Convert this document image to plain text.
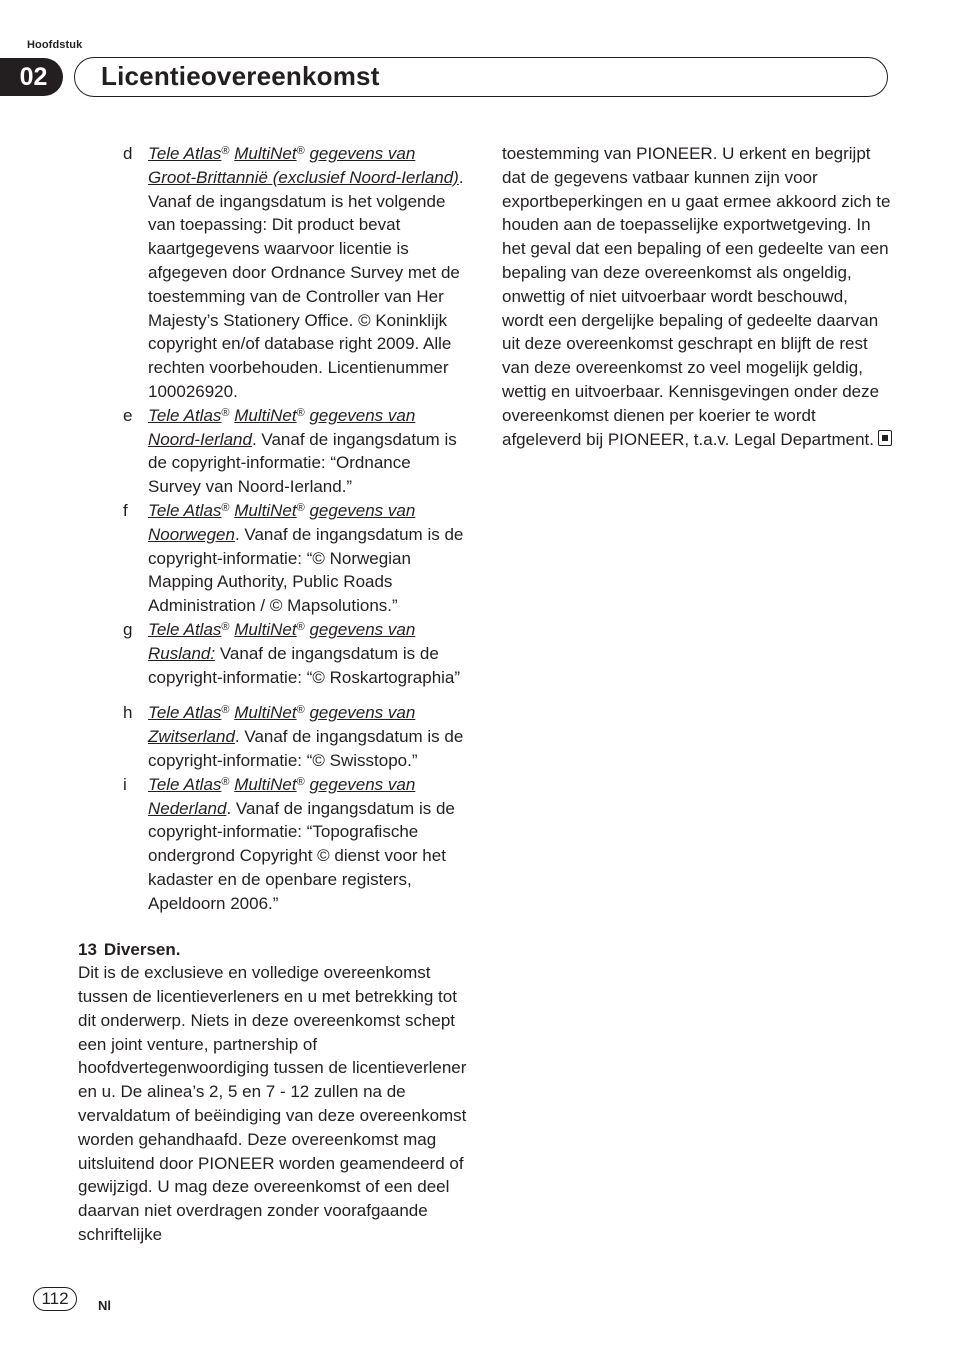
Hoofdstuk
02	Licentieovereenkomst
d Tele Atlas® MultiNet® gegevens van Groot-Brittannië (exclusief Noord-Ierland). Vanaf de ingangsdatum is het volgende van toepassing: Dit product bevat kaartgegevens waarvoor licentie is afgegeven door Ordnance Survey met de toestemming van de Controller van Her Majesty’s Stationery Office. © Koninklijk copyright en/of database right 2009. Alle rechten voorbehouden. Licentienummer 100026920.
e Tele Atlas® MultiNet® gegevens van Noord-Ierland. Vanaf de ingangsdatum is de copyright-informatie: “Ordnance Survey van Noord-Ierland.”
f Tele Atlas® MultiNet® gegevens van Noorwegen. Vanaf de ingangsdatum is de copyright-informatie: “© Norwegian Mapping Authority, Public Roads Administration / © Mapsolutions.”
g Tele Atlas® MultiNet® gegevens van Rusland: Vanaf de ingangsdatum is de copyright-informatie: “© Roskartographia”
h Tele Atlas® MultiNet® gegevens van Zwitserland. Vanaf de ingangsdatum is de copyright-informatie: “© Swisstopo.”
i Tele Atlas® MultiNet® gegevens van Nederland. Vanaf de ingangsdatum is de copyright-informatie: “Topografische ondergrond Copyright © dienst voor het kadaster en de openbare registers, Apeldoorn 2006.”
13 Diversen.
Dit is de exclusieve en volledige overeenkomst tussen de licentieverleners en u met betrekking tot dit onderwerp. Niets in deze overeenkomst schept een joint venture, partnership of hoofdvertegenwoordiging tussen de licentieverlener en u. De alinea’s 2, 5 en 7 - 12 zullen na de vervaldatum of beëindiging van deze overeenkomst worden gehandhaafd. Deze overeenkomst mag uitsluitend door PIONEER worden geamendeerd of gewijzigd. U mag deze overeenkomst of een deel daarvan niet overdragen zonder voorafgaande schriftelijke
toestemming van PIONEER. U erkent en begrijpt dat de gegevens vatbaar kunnen zijn voor exportbeperkingen en u gaat ermee akkoord zich te houden aan de toepasselijke exportwetgeving. In het geval dat een bepaling of een gedeelte van een bepaling van deze overeenkomst als ongeldig, onwettig of niet uitvoerbaar wordt beschouwd, wordt een dergelijke bepaling of gedeelte daarvan uit deze overeenkomst geschrapt en blijft de rest van deze overeenkomst zo veel mogelijk geldig, wettig en uitvoerbaar. Kennisgevingen onder deze overeenkomst dienen per koerier te wordt afgeleverd bij PIONEER, t.a.v. Legal Department.
112	Nl
